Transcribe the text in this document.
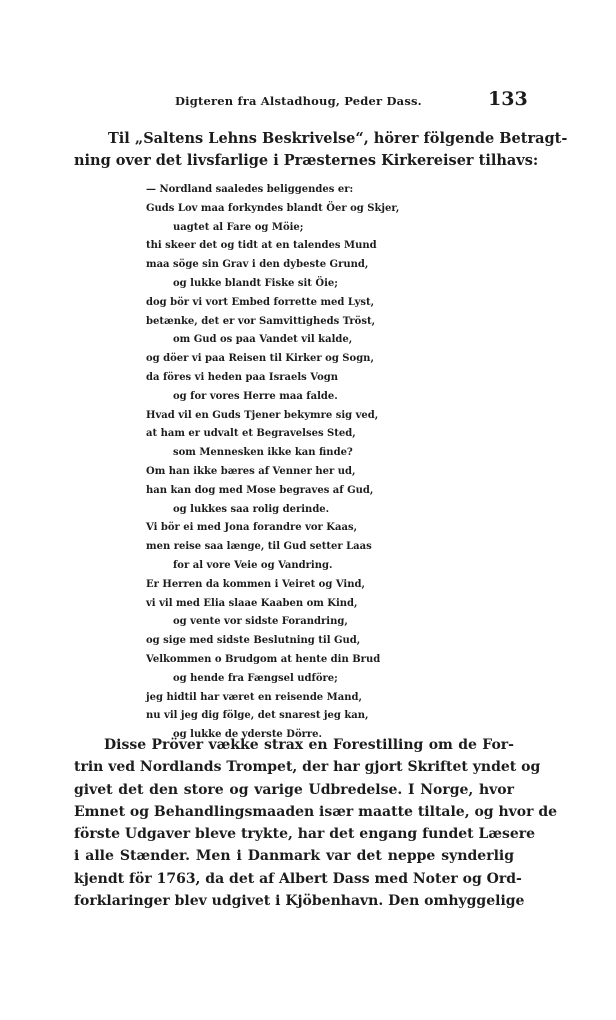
Digteren fra Alstadhoug, Peder Dass.	133
Til „Saltens Lehns Beskrivelse“, hörer fölgende Betragt-
ning over det livsfarlige i Præsternes Kirkereiser tilhavs:
— Nordland saaledes beliggendes er:
Guds Lov maa forkyndes blandt Öer og Skjer,
uagtet al Fare og Möie;
thi skeer det og tidt at en talendes Mund
maa söge sin Grav i den dybeste Grund,
og lukke blandt Fiske sit Öie;
dog bör vi vort Embed forrette med Lyst,
betænke, det er vor Samvittigheds Tröst,
om Gud os paa Vandet vil kalde,
og döer vi paa Reisen til Kirker og Sogn,
da föres vi heden paa Israels Vogn
og for vores Herre maa falde.
Hvad vil en Guds Tjener bekymre sig ved,
at ham er udvalt et Begravelses Sted,
som Mennesken ikke kan finde?
Om han ikke bæres af Venner her ud,
han kan dog med Mose begraves af Gud,
og lukkes saa rolig derinde.
Vi bör ei med Jona forandre vor Kaas,
men reise saa længe, til Gud setter Laas
for al vore Veie og Vandring.
Er Herren da kommen i Veiret og Vind,
vi vil med Elia slaae Kaaben om Kind,
og vente vor sidste Forandring,
og sige med sidste Beslutning til Gud,
Velkommen o Brudgom at hente din Brud
og hende fra Fængsel udföre;
jeg hidtil har været en reisende Mand,
nu vil jeg dig fölge, det snarest jeg kan,
og lukke de yderste Dörre.
Disse Pröver vække strax en Forestilling om de For-
trin ved Nordlands Trompet, der har gjort Skriftet yndet og
givet det den store og varige Udbredelse. I Norge, hvor
Emnet og Behandlingsmaaden især maatte tiltale, og hvor de
förste Udgaver bleve trykte, har det engang fundet Læsere
i alle Stænder. Men i Danmark var det neppe synderlig
kjendt för 1763, da det af Albert Dass med Noter og Ord-
forklaringer blev udgivet i Kjöbenhavn. Den omhyggelige
